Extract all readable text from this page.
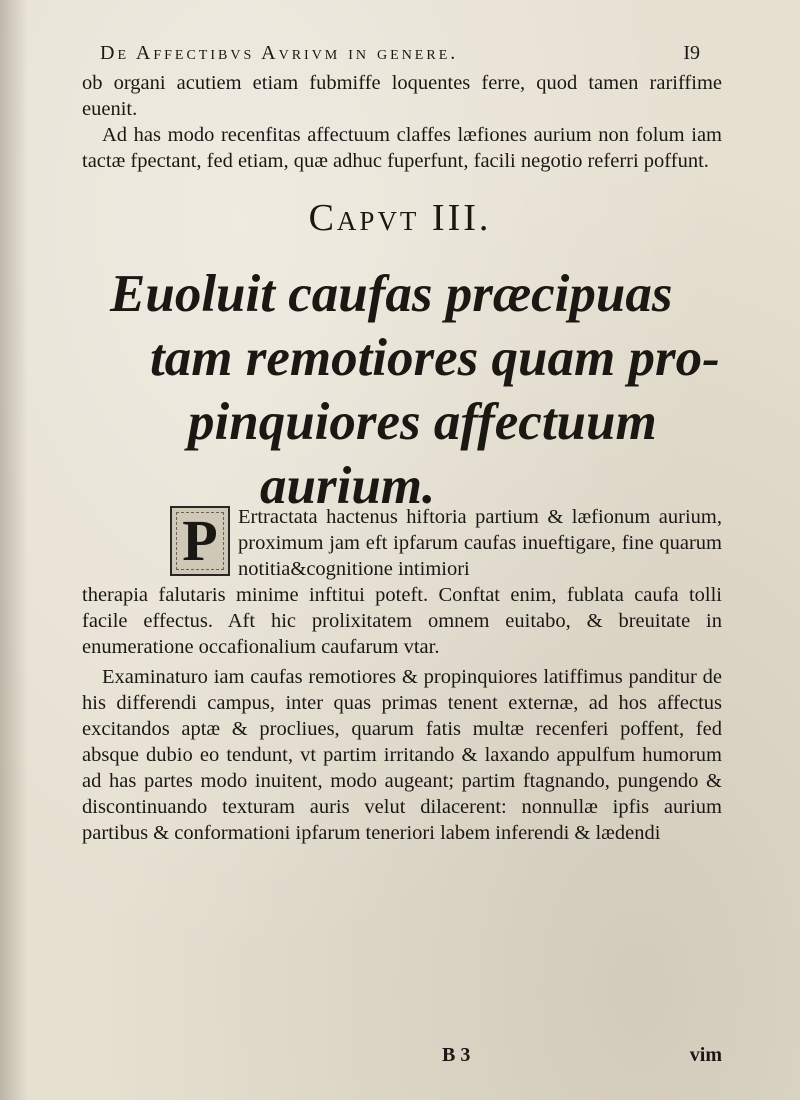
De Affectibvs Avrivm in genere.	I9

ob organi acutiem etiam fubmiffe loquentes ferre, quod tamen rariffime euenit.

Ad has modo recenfitas affectuum claffes læfiones aurium non folum iam tactæ fpectant, fed etiam, quæ adhuc fuperfunt, facili negotio referri poffunt.

Capvt III.
Euoluit caufas præcipuas
tam remotiores quam pro-
pinquiores affectuum
aurium.
P Ertractata hactenus hiftoria partium & læfionum aurium, proximum jam eft ipfarum caufas inueftigare, fine quarum notitia&cognitione intimiori

therapia falutaris minime inftitui poteft. Conftat enim, fublata caufa tolli facile effectus. Aft hic prolixitatem omnem euitabo, & breuitate in enumeratione occafionalium caufarum vtar.

Examinaturo iam caufas remotiores & propinquiores latiffimus panditur de his differendi campus, inter quas primas tenent externæ, ad hos affectus excitandos aptæ & procliues, quarum fatis multæ recenferi poffent, fed absque dubio eo tendunt, vt partim irritando & laxando appulfum humorum ad has partes modo inuitent, modo augeant; partim ftagnando, pungendo & discontinuando texturam auris velut dilacerent: nonnullæ ipfis aurium partibus & conformationi ipfarum teneriori labem inferendi & lædendi

B 3	vim
